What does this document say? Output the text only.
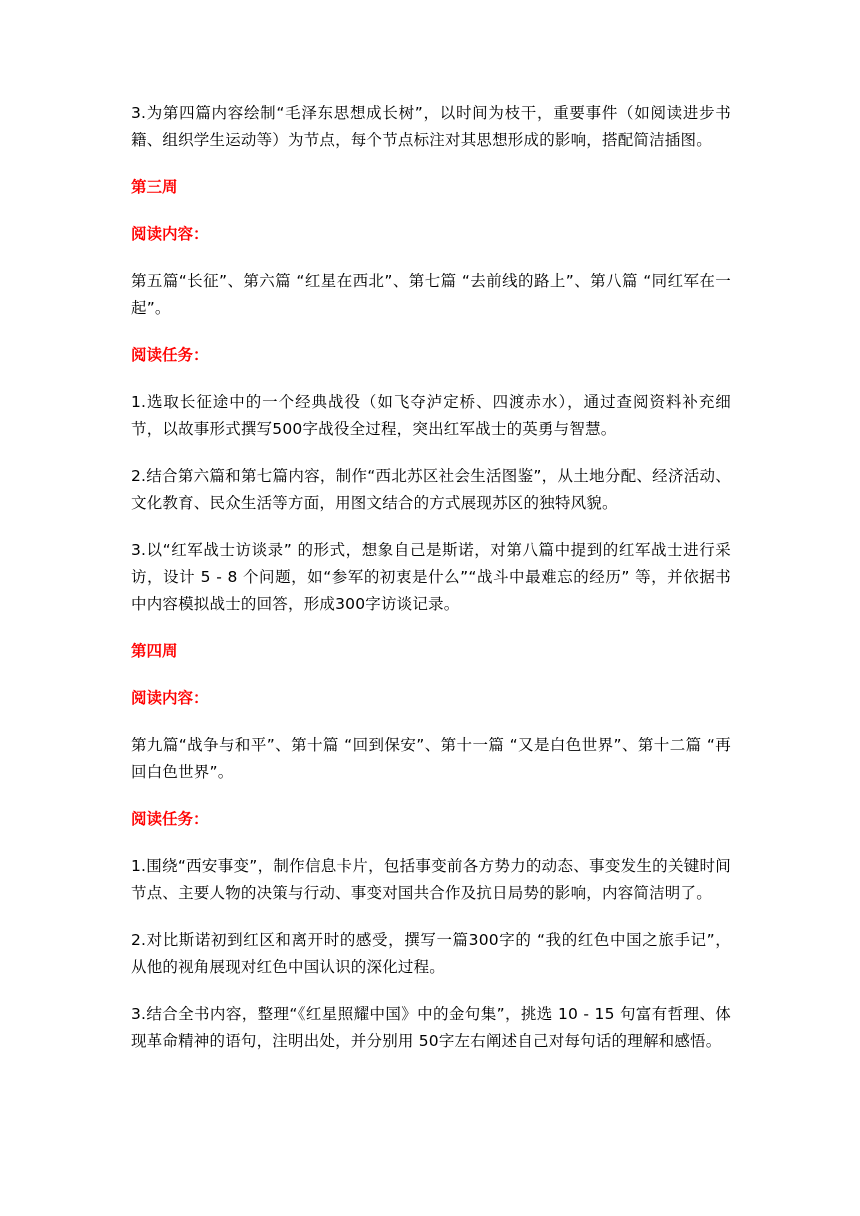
3.为第四篇内容绘制“毛泽东思想成长树”，以时间为枝干，重要事件（如阅读进步书籍、组织学生运动等）为节点，每个节点标注对其思想形成的影响，搭配简洁插图。

第三周

阅读内容：

第五篇“长征”、第六篇 “红星在西北”、第七篇 “去前线的路上”、第八篇 “同红军在一起”。

阅读任务：

1.选取长征途中的一个经典战役（如飞夺泸定桥、四渡赤水），通过查阅资料补充细节，以故事形式撰写500字战役全过程，突出红军战士的英勇与智慧。

2.结合第六篇和第七篇内容，制作“西北苏区社会生活图鉴”，从土地分配、经济活动、文化教育、民众生活等方面，用图文结合的方式展现苏区的独特风貌。

3.以“红军战士访谈录” 的形式，想象自己是斯诺，对第八篇中提到的红军战士进行采访，设计 5 - 8 个问题，如“参军的初衷是什么”“战斗中最难忘的经历” 等，并依据书中内容模拟战士的回答，形成300字访谈记录。

第四周

阅读内容：

第九篇“战争与和平”、第十篇 “回到保安”、第十一篇 “又是白色世界”、第十二篇 “再回白色世界”。

阅读任务：

1.围绕“西安事变”，制作信息卡片，包括事变前各方势力的动态、事变发生的关键时间节点、主要人物的决策与行动、事变对国共合作及抗日局势的影响，内容简洁明了。

2.对比斯诺初到红区和离开时的感受，撰写一篇300字的 “我的红色中国之旅手记”，从他的视角展现对红色中国认识的深化过程。

3.结合全书内容，整理“《红星照耀中国》中的金句集”，挑选 10 - 15 句富有哲理、体现革命精神的语句，注明出处，并分别用 50字左右阐述自己对每句话的理解和感悟。
